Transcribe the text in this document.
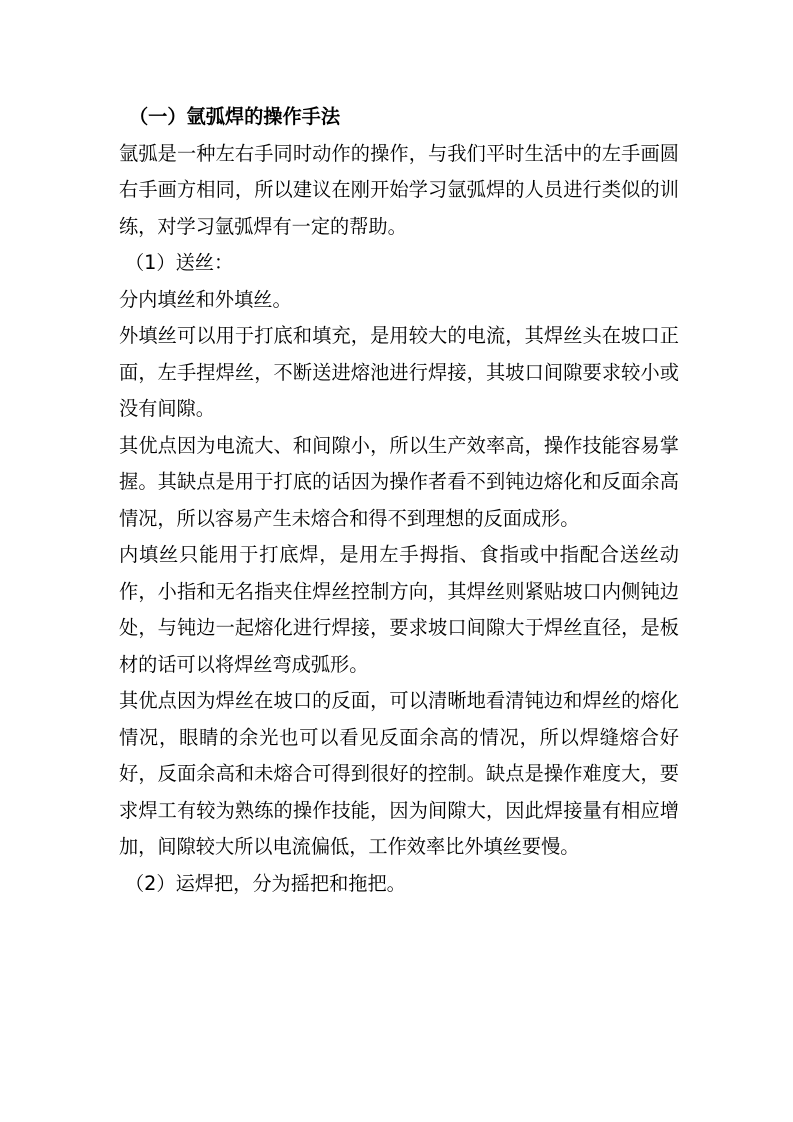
（一）氩弧焊的操作手法

氩弧是一种左右手同时动作的操作，与我们平时生活中的左手画圆右手画方相同，所以建议在刚开始学习氩弧焊的人员进行类似的训练，对学习氩弧焊有一定的帮助。

（1）送丝：

分内填丝和外填丝。

外填丝可以用于打底和填充，是用较大的电流，其焊丝头在坡口正面，左手捏焊丝，不断送进熔池进行焊接，其坡口间隙要求较小或没有间隙。

其优点因为电流大、和间隙小，所以生产效率高，操作技能容易掌握。其缺点是用于打底的话因为操作者看不到钝边熔化和反面余高情况，所以容易产生未熔合和得不到理想的反面成形。

内填丝只能用于打底焊，是用左手拇指、食指或中指配合送丝动作，小指和无名指夹住焊丝控制方向，其焊丝则紧贴坡口内侧钝边处，与钝边一起熔化进行焊接，要求坡口间隙大于焊丝直径，是板材的话可以将焊丝弯成弧形。

其优点因为焊丝在坡口的反面，可以清晰地看清钝边和焊丝的熔化情况，眼睛的余光也可以看见反面余高的情况，所以焊缝熔合好好，反面余高和未熔合可得到很好的控制。缺点是操作难度大，要求焊工有较为熟练的操作技能，因为间隙大，因此焊接量有相应增加，间隙较大所以电流偏低，工作效率比外填丝要慢。

（2）运焊把，分为摇把和拖把。
